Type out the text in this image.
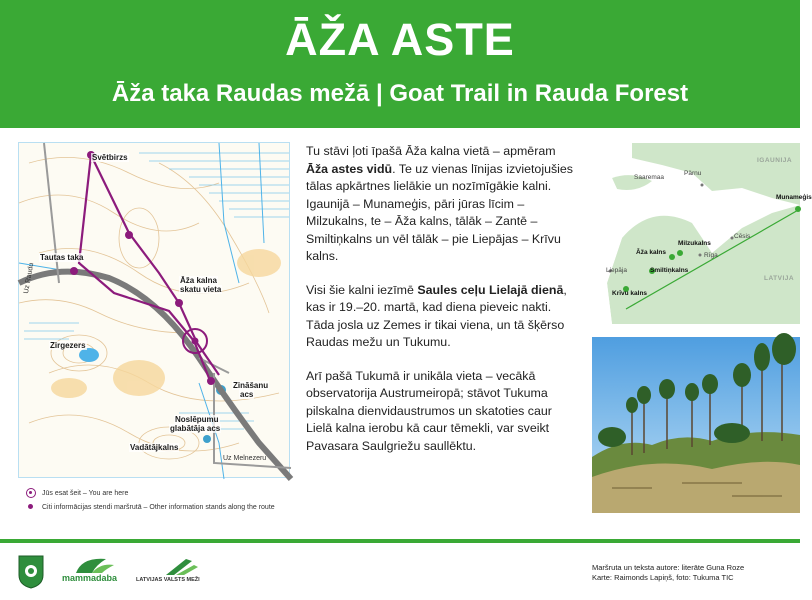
ĀŽA ASTE
Āža taka Raudas mežā | Goat Trail in Rauda Forest
Svētbirzs
Tautas taka
Āža kalna
skatu vieta
Zirgezers
Zināšanu
acs
Noslēpumu
glabātāja acs
Vadātājkalns
Uz Raudu
Uz Melnezeru
Jūs esat šeit – You are here
Citi informācijas stendi maršrutā – Other information stands along the route

Tu stāvi ļoti īpašā Āža kalna vietā – apmēram Āža astes vidū. Te uz vienas līnijas izvietojušies tālas apkārtnes lielākie un nozīmīgākie kalni. Igaunijā – Munameģis, pāri jūras līcim – Milzukalns, te – Āža kalns, tālāk – Zantē – Smiltiņkalns un vēl tālāk – pie Liepājas – Krīvu kalns.

Visi šie kalni iezīmē Saules ceļu Lielajā dienā, kas ir 19.–20. martā, kad diena pieveic nakti. Tāda josla uz Zemes ir tikai viena, un tā šķērso Raudas mežu un Tukumu.

Arī pašā Tukumā ir unikāla vieta – vecākā observatorija Austrumeiropā; stāvot Tukuma pilskalna dienvidaustrumos un skatoties caur Lielā kalna ierobu kā caur tēmekli, var sveikt Pavasara Saulgriežu saullēktu.

IGAUNIJA
LATVIJA
Saaremaa
Pärnu
Munameģis
Milzukalns
Āža kalns
Smiltiņkalns
Cēsis
Rīga
Liepāja
Krīvu kalns
mammadaba	LATVIJAS VALSTS MEŽI
Maršruta un teksta autore: literāte Guna Roze
Karte: Raimonds Lapiņš, foto: Tukuma TIC
